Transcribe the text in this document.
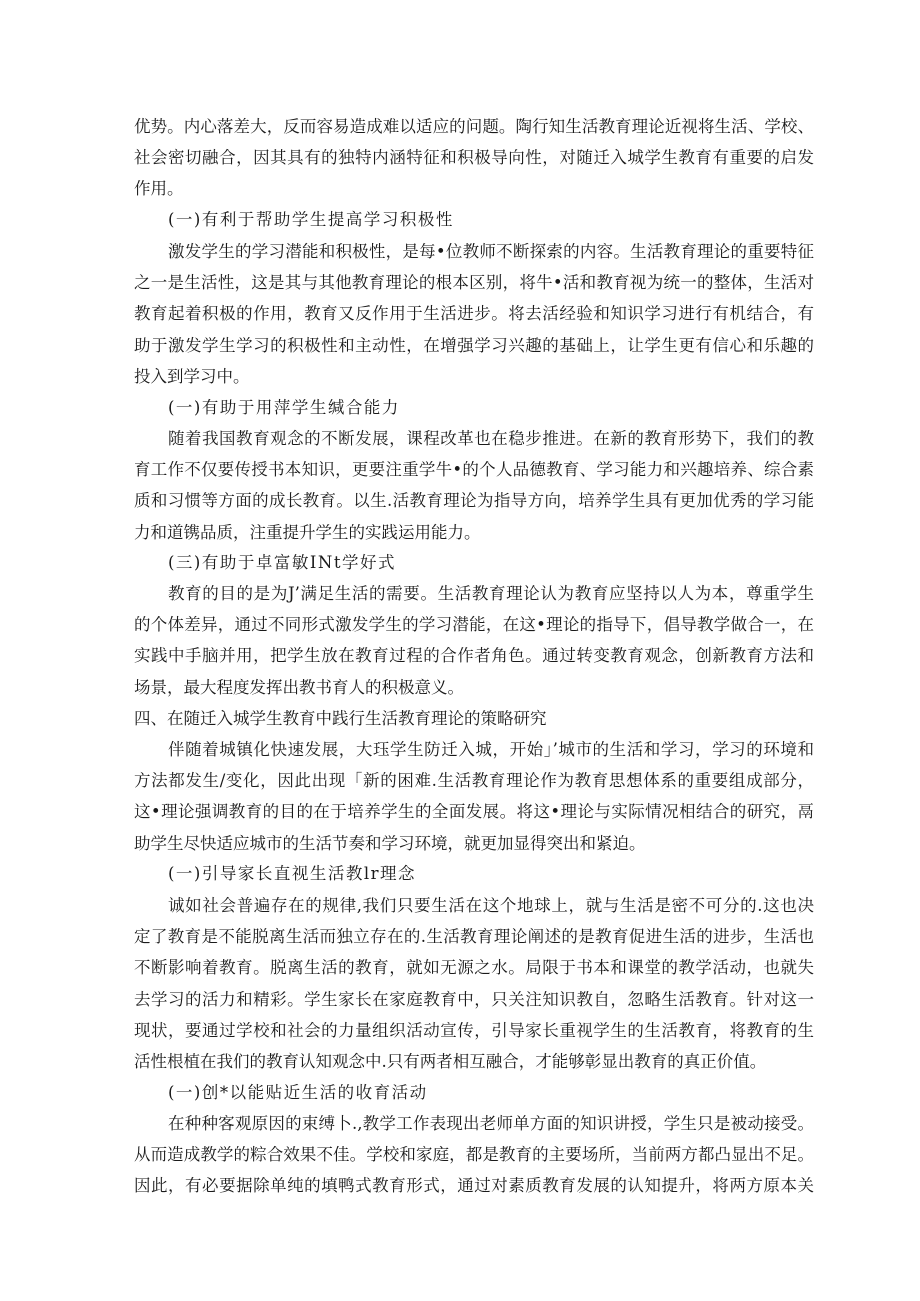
优势。内心落差大，反而容易造成难以适应的问题。陶行知生活教育理论近视将生活、学校、
社会密切融合，因其具有的独特内涵特征和积极导向性，对随迁入城学生教育有重要的启发
作用。

(一)有利于帮助学生提高学习积极性

激发学生的学习潜能和积极性，是每•位教师不断探索的内容。生活教育理论的重要特征
之一是生活性，这是其与其他教育理论的根本区别，将牛•活和教育视为统一的整体，生活对
教育起着积极的作用，教育又反作用于生活进步。将去活经验和知识学习进行有机结合，有
助于激发学生学习的积极性和主动性，在增强学习兴趣的基础上，让学生更有信心和乐趣的
投入到学习中。

(一)有助于用萍学生缄合能力

随着我国教育观念的不断发展，课程改革也在稳步推进。在新的教育形势下，我们的教
育工作不仅要传授书本知识，更要注重学牛•的个人品德教育、学习能力和兴趣培养、综合素
质和习惯等方面的成长教育。以生.活教育理论为指导方向，培养学生具有更加优秀的学习能
力和道镌品质，注重提升学生的实践运用能力。

(三)有助于卓富敏INt学好式

教育的目的是为J’满足生活的需要。生活教育理论认为教育应坚持以人为本，尊重学生
的个体差异，通过不同形式激发学生的学习潜能，在这•理论的指导下，倡导教学做合一，在
实践中手脑并用，把学生放在教育过程的合作者角色。通过转变教育观念，创新教育方法和
场景，最大程度发挥出教书育人的积极意义。

四、在随迁入城学生教育中践行生活教育理论的策略研究

伴随着城镇化快速发展，大珏学生防迁入城，开始」’城市的生活和学习，学习的环境和
方法都发生/变化，因此出现「新的困难.生活教育理论作为教育思想体系的重要组成部分，
这•理论强调教育的目的在于培养学生的全面发展。将这•理论与实际情况相结合的研究，鬲
助学生尽快适应城市的生活节奏和学习环境，就更加显得突出和紧迫。

(一)引导家长直视生活教lr理念

诚如社会普遍存在的规律,我们只要生活在这个地球上，就与生活是密不可分的.这也决
定了教育是不能脱离生活而独立存在的.生活教育理论阐述的是教育促进生活的进步，生活也
不断影响着教育。脱离生活的教育，就如无源之水。局限于书本和课堂的教学活动，也就失
去学习的活力和精彩。学生家长在家庭教育中，只关注知识教自，忽略生活教育。针对这一
现状，要通过学校和社会的力量组织活动宣传，引导家长重视学生的生活教育，将教育的生
活性根植在我们的教育认知观念中.只有两者相互融合，才能够彰显出教育的真正价值。

(一)创*以能贴近生活的收育活动

在种种客观原因的束缚卜.,教学工作表现出老师单方面的知识讲授，学生只是被动接受。
从而造成教学的粽合效果不佳。学校和家庭，都是教育的主要场所，当前两方都凸显出不足。
因此，有必要据除单纯的填鸭式教育形式，通过对素质教育发展的认知提升，将两方原本关
